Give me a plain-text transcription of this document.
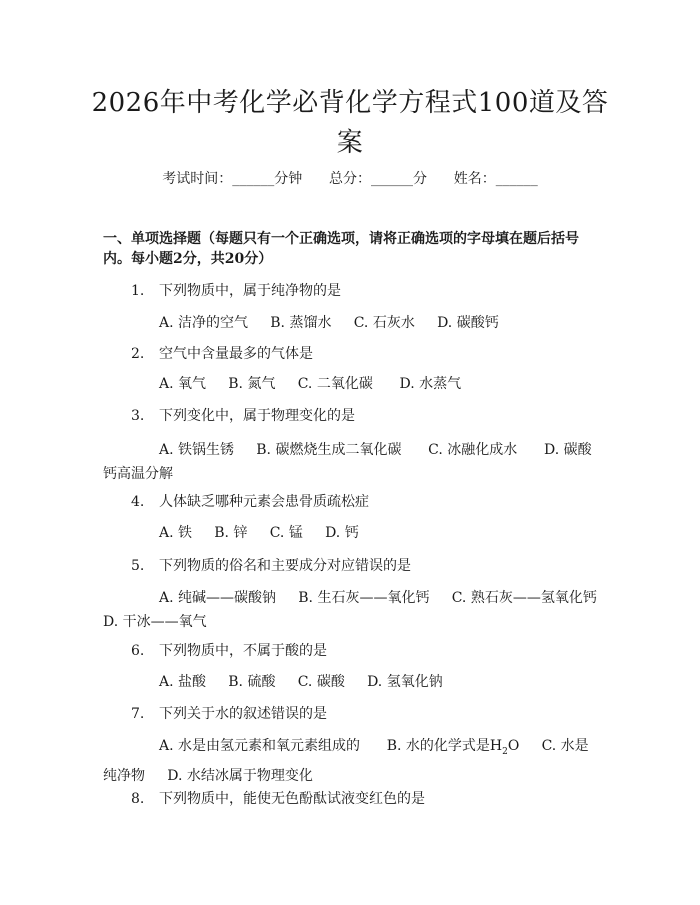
2026年中考化学必背化学方程式100道及答案
考试时间：______分钟      总分：______分      姓名：______
一、单项选择题（每题只有一个正确选项，请将正确选项的字母填在题后括号内。每小题2分，共20分）
1. 下列物质中，属于纯净物的是
A. 洁净的空气     B. 蒸馏水     C. 石灰水     D. 碳酸钙
2. 空气中含量最多的气体是
A. 氧气     B. 氮气     C. 二氧化碳      D. 水蒸气
3. 下列变化中，属于物理变化的是
A. 铁锅生锈     B. 碳燃烧生成二氧化碳      C. 冰融化成水      D. 碳酸钙高温分解
4. 人体缺乏哪种元素会患骨质疏松症
A. 铁     B. 锌     C. 锰     D. 钙
5. 下列物质的俗名和主要成分对应错误的是
A. 纯碱——碳酸钠     B. 生石灰——氧化钙     C. 熟石灰——氢氧化钙     D. 干冰——氧气
6. 下列物质中，不属于酸的是
A. 盐酸     B. 硫酸     C. 碳酸     D. 氢氧化钠
7. 下列关于水的叙述错误的是
A. 水是由氢元素和氧元素组成的      B. 水的化学式是$H_2O$     C. 水是纯净物     D. 水结冰属于物理变化
8. 下列物质中，能使无色酚酞试液变红色的是
